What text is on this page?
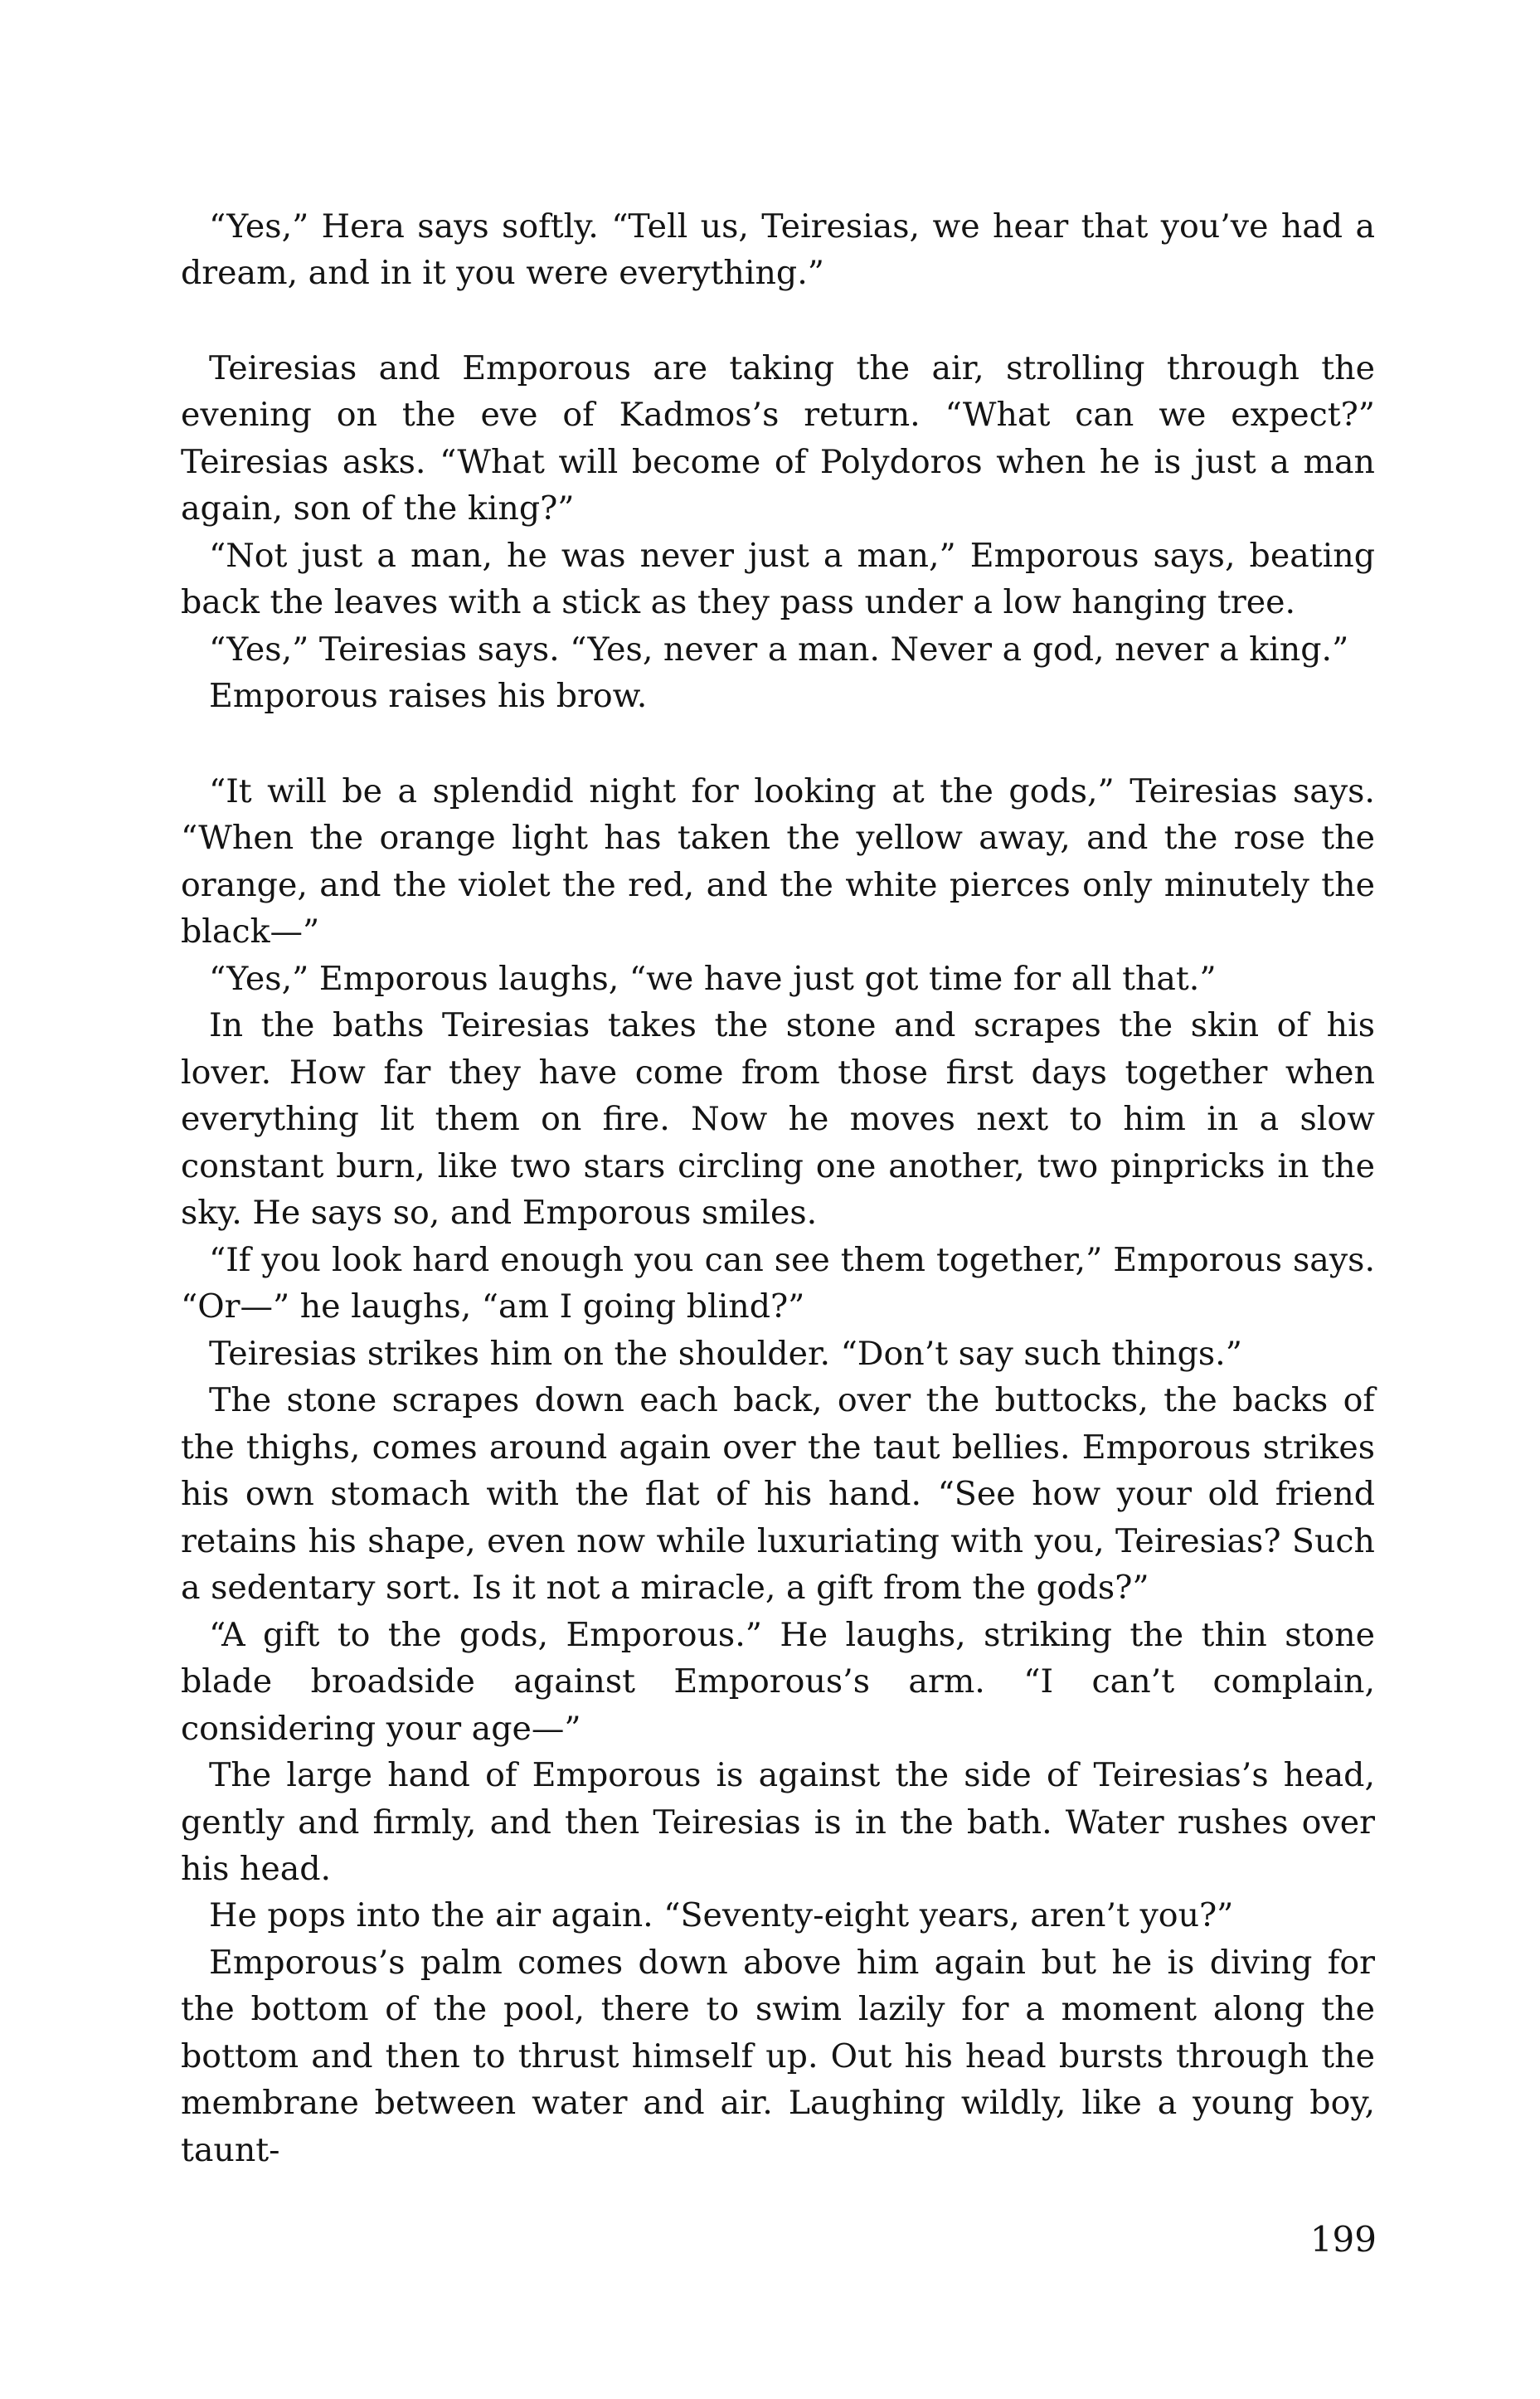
“Yes,” Hera says softly. “Tell us, Teiresias, we hear that you’ve had a dream, and in it you were everything.”

Teiresias and Emporous are taking the air, strolling through the evening on the eve of Kadmos’s return. “What can we expect?” Teiresias asks. “What will become of Polydoros when he is just a man again, son of the king?”

“Not just a man, he was never just a man,” Emporous says, beating back the leaves with a stick as they pass under a low hanging tree.

“Yes,” Teiresias says. “Yes, never a man. Never a god, never a king.”

Emporous raises his brow.

“It will be a splendid night for looking at the gods,” Teiresias says. “When the orange light has taken the yellow away, and the rose the orange, and the violet the red, and the white pierces only minutely the black—”

“Yes,” Emporous laughs, “we have just got time for all that.”

In the baths Teiresias takes the stone and scrapes the skin of his lover. How far they have come from those first days together when everything lit them on fire. Now he moves next to him in a slow constant burn, like two stars circling one another, two pinpricks in the sky. He says so, and Emporous smiles.

“If you look hard enough you can see them together,” Emporous says. “Or—” he laughs, “am I going blind?”

Teiresias strikes him on the shoulder. “Don’t say such things.”

The stone scrapes down each back, over the buttocks, the backs of the thighs, comes around again over the taut bellies. Emporous strikes his own stomach with the flat of his hand. “See how your old friend retains his shape, even now while luxuriating with you, Teiresias? Such a sedentary sort. Is it not a miracle, a gift from the gods?”

“A gift to the gods, Emporous.” He laughs, striking the thin stone blade broadside against Emporous’s arm. “I can’t complain, considering your age—”

The large hand of Emporous is against the side of Teiresias’s head, gently and firmly, and then Teiresias is in the bath. Water rushes over his head.

He pops into the air again. “Seventy-eight years, aren’t you?”

Emporous’s palm comes down above him again but he is diving for the bottom of the pool, there to swim lazily for a moment along the bottom and then to thrust himself up. Out his head bursts through the membrane between water and air. Laughing wildly, like a young boy, taunt-

199
